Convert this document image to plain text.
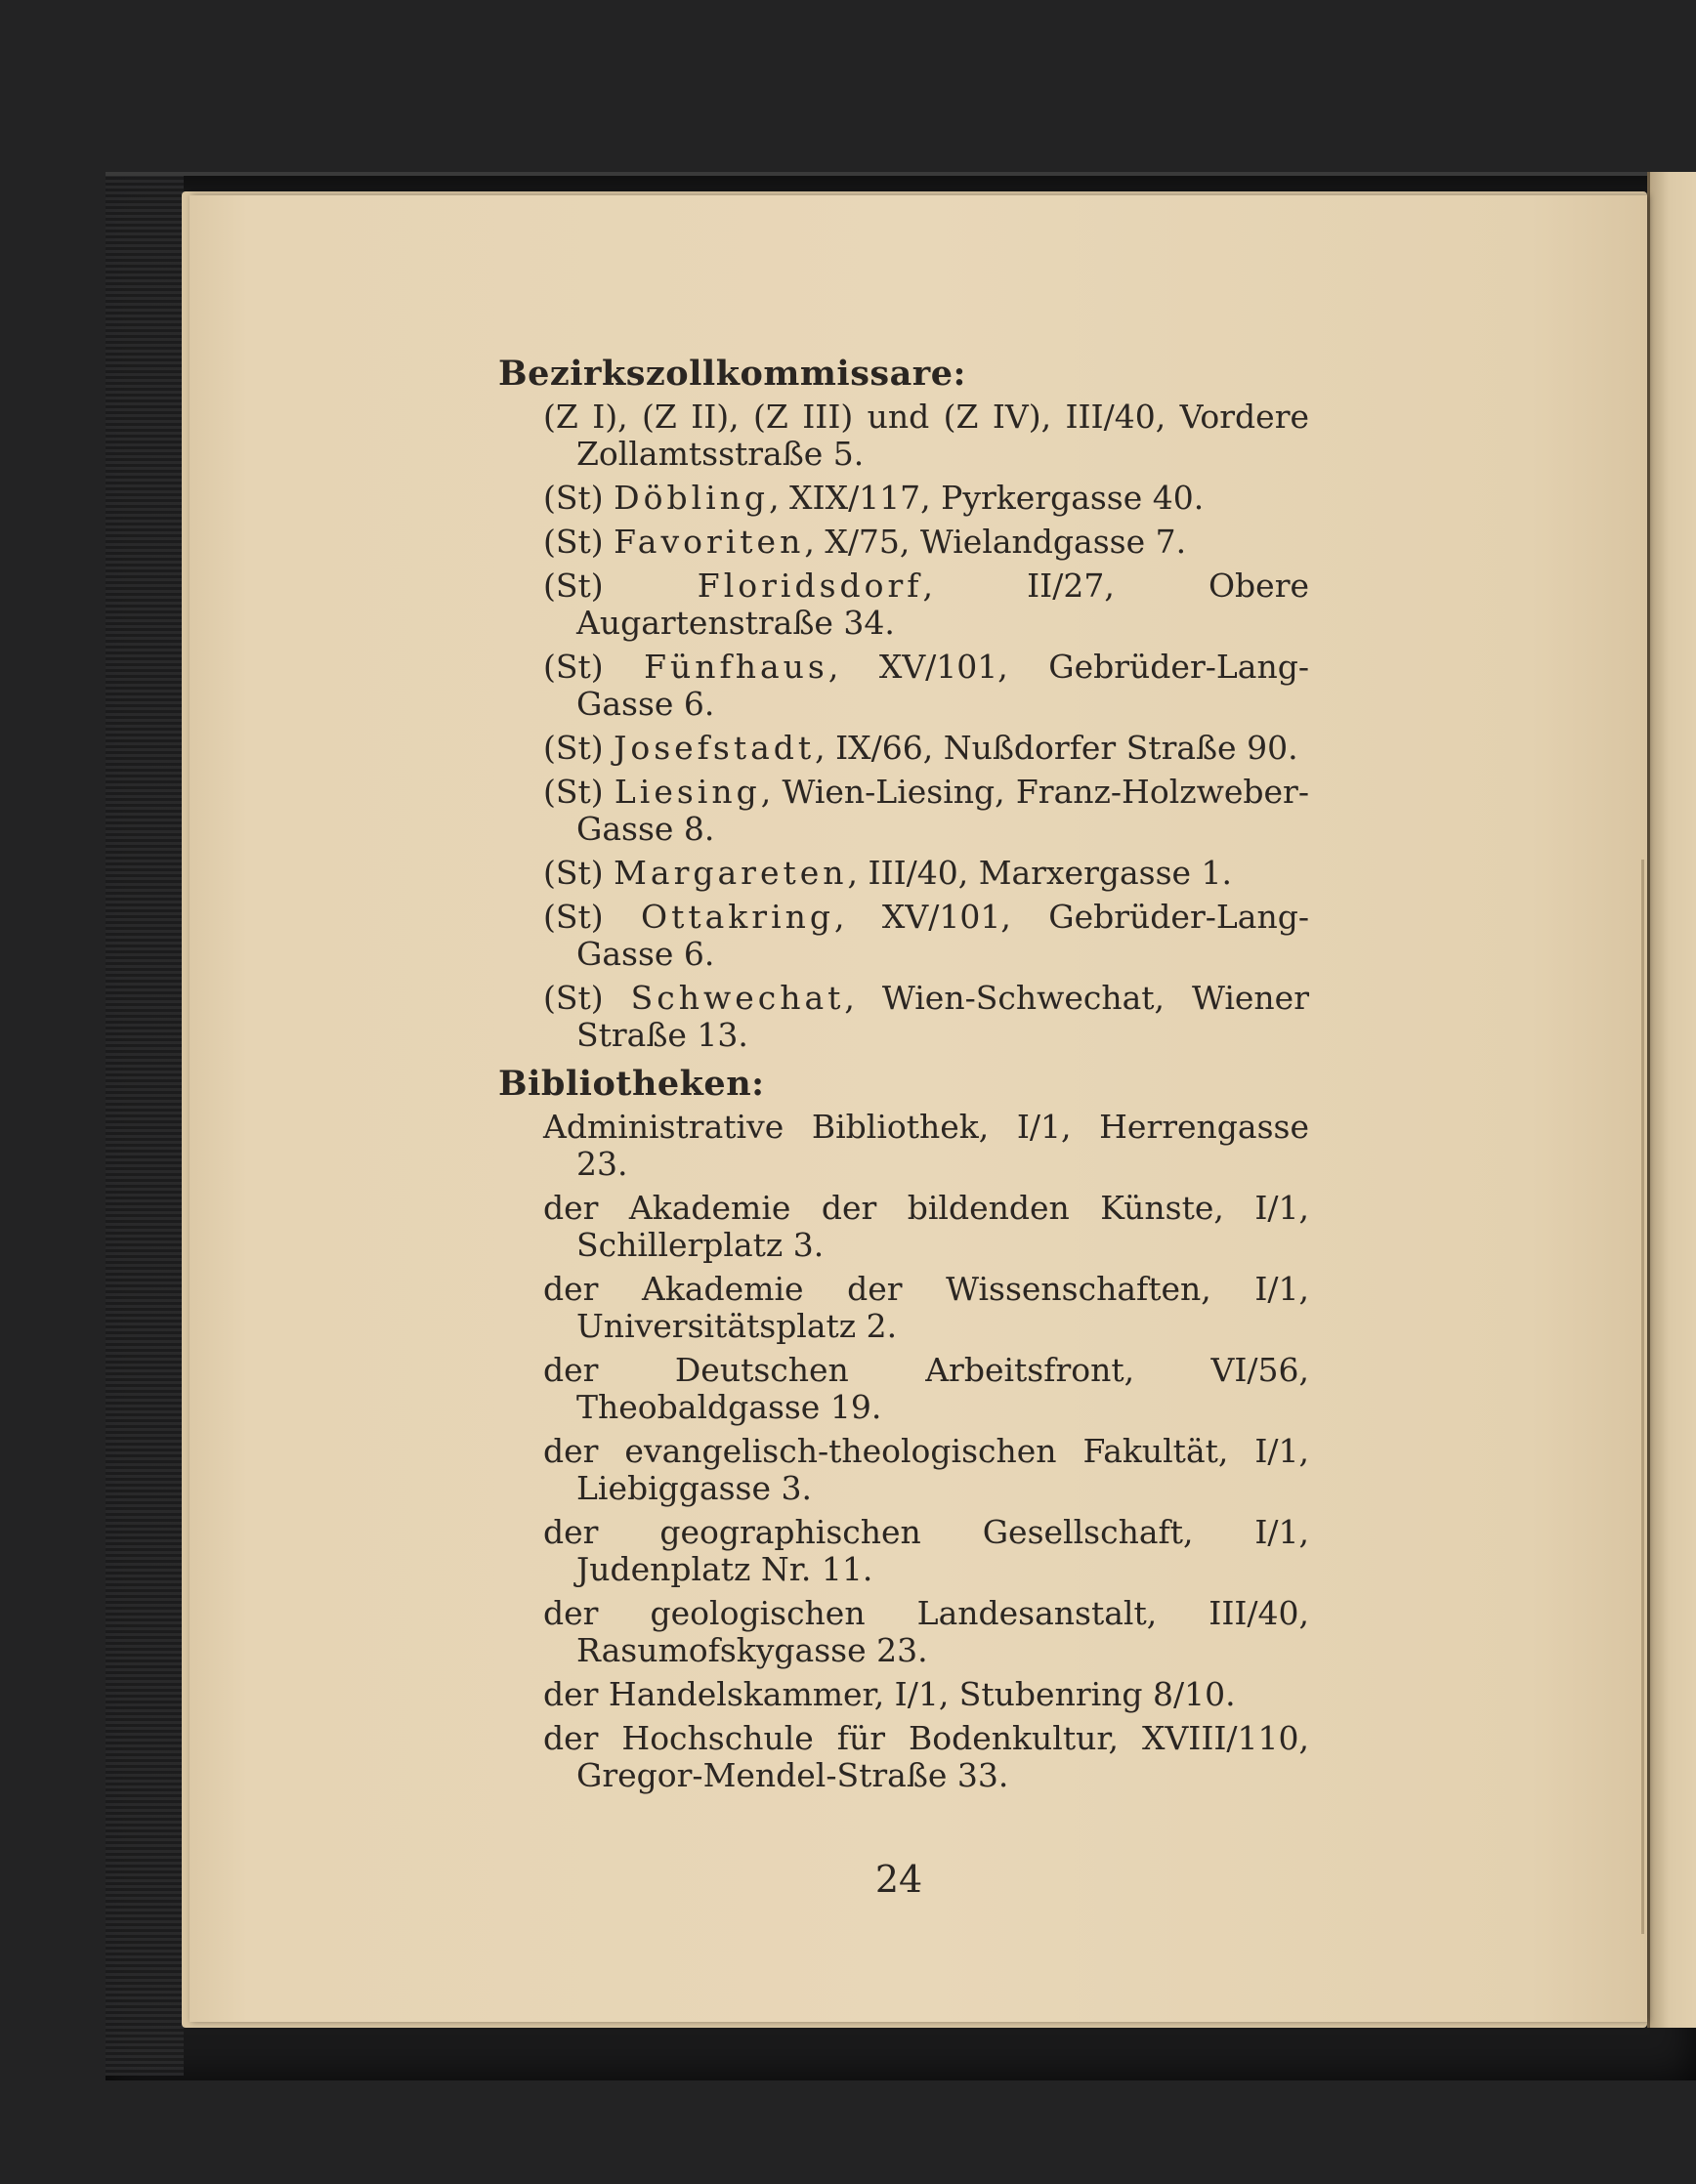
Bezirkszollkommissare:
(Z I), (Z II), (Z III) und (Z IV), III/40, Vordere Zollamtsstraße 5.
(St) Döbling, XIX/117, Pyrkergasse 40.
(St) Favoriten, X/75, Wielandgasse 7.
(St)	Floridsdorf, II/27, Obere Augartenstraße 34.
(St) Fünfhaus, XV/101, Gebrüder-Lang-Gasse 6.
(St) Josefstadt, IX/66, Nußdorfer Straße 90.
(St) Liesing, Wien-Liesing, Franz-Holzweber-Gasse 8.
(St) Margareten, III/40, Marxergasse 1.
(St) Ottakring, XV/101, Gebrüder-Lang-Gasse 6.
(St) Schwechat, Wien-Schwechat, Wiener Straße 13.
Bibliotheken:
Administrative Bibliothek, I/1, Herrengasse 23.
der Akademie der bildenden Künste, I/1, Schillerplatz 3.
der Akademie der Wissenschaften, I/1, Universitätsplatz 2.
der Deutschen Arbeitsfront, VI/56, Theobaldgasse 19.
der evangelisch-theologischen Fakultät, I/1, Liebiggasse 3.
der geographischen Gesellschaft, I/1, Judenplatz Nr. 11.
der geologischen Landesanstalt, III/40, Rasumofskygasse 23.
der Handelskammer, I/1, Stubenring 8/10.
der Hochschule für Bodenkultur, XVIII/110, Gregor-Mendel-Straße 33.
24
